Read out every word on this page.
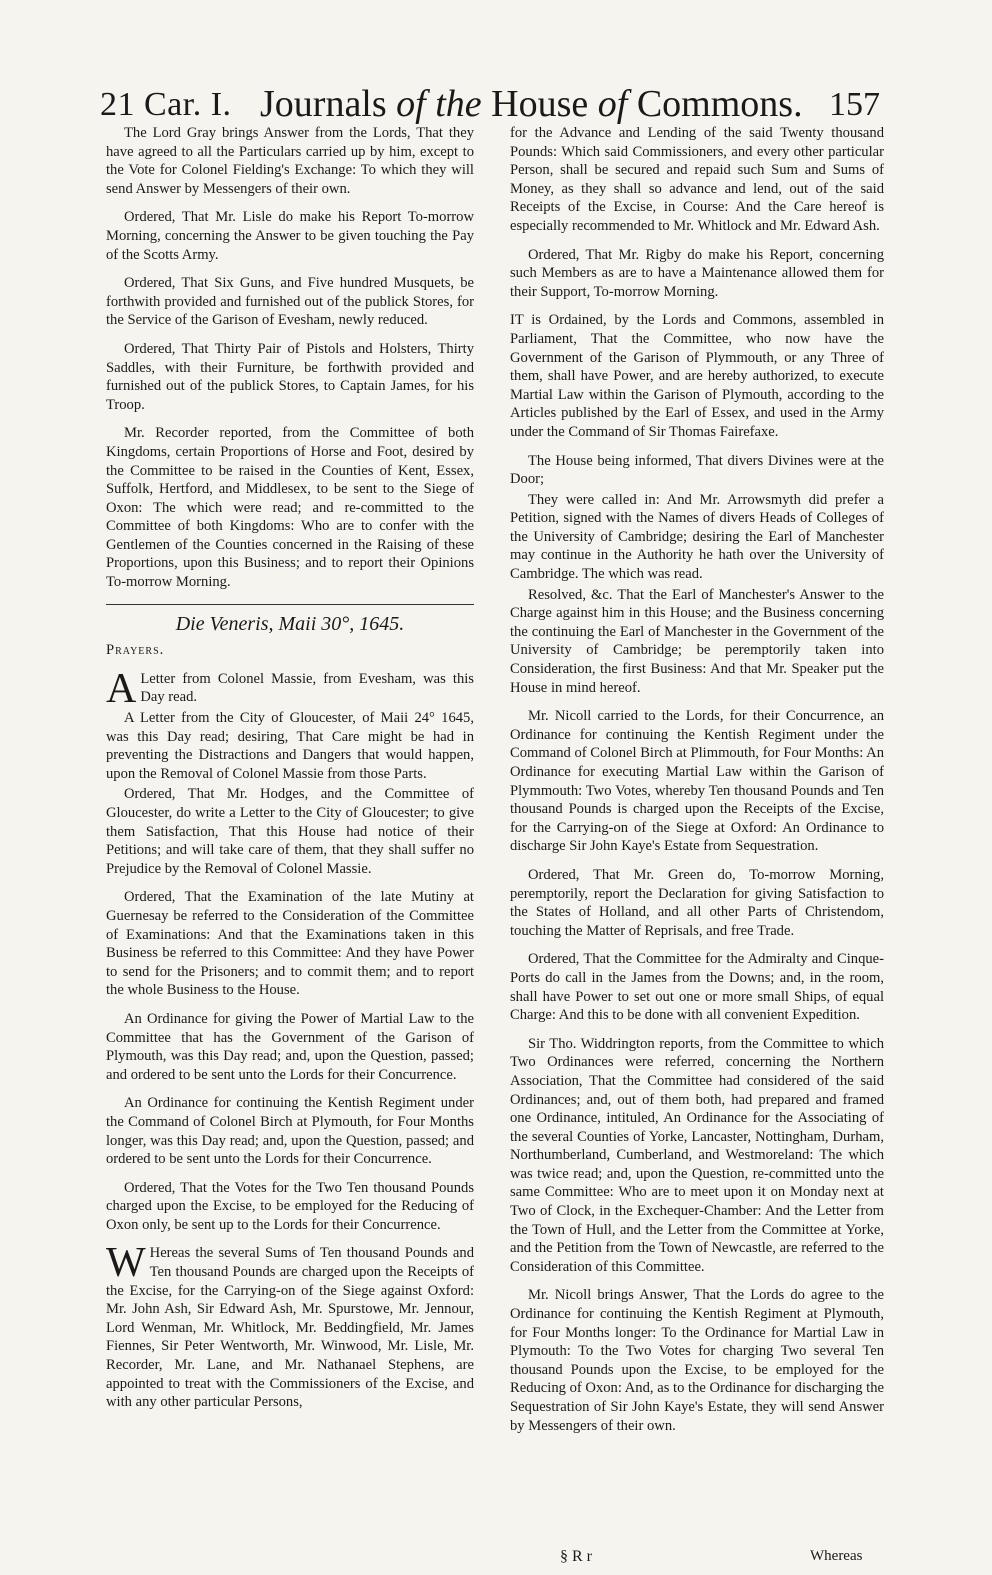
21 Car. I. Journals of the House of Commons. 157

The Lord Gray brings Answer from the Lords, That they have agreed to all the Particulars carried up by him, except to the Vote for Colonel Fielding's Exchange: To which they will send Answer by Messengers of their own.

Ordered, That Mr. Lisle do make his Report To-morrow Morning, concerning the Answer to be given touching the Pay of the Scotts Army.

Ordered, That Six Guns, and Five hundred Musquets, be forthwith provided and furnished out of the publick Stores, for the Service of the Garison of Evesham, newly reduced.

Ordered, That Thirty Pair of Pistols and Holsters, Thirty Saddles, with their Furniture, be forthwith provided and furnished out of the publick Stores, to Captain James, for his Troop.

Mr. Recorder reported, from the Committee of both Kingdoms, certain Proportions of Horse and Foot, desired by the Committee to be raised in the Counties of Kent, Essex, Suffolk, Hertford, and Middlesex, to be sent to the Siege of Oxon: The which were read; and re-committed to the Committee of both Kingdoms: Who are to confer with the Gentlemen of the Counties concerned in the Raising of these Proportions, upon this Business; and to report their Opinions To-morrow Morning.

Die Veneris, Maii 30°, 1645.

Prayers.

A Letter from Colonel Massie, from Evesham, was this Day read.

A Letter from the City of Gloucester, of Maii 24° 1645, was this Day read; desiring, That Care might be had in preventing the Distractions and Dangers that would happen, upon the Removal of Colonel Massie from those Parts.

Ordered, That Mr. Hodges, and the Committee of Gloucester, do write a Letter to the City of Gloucester; to give them Satisfaction, That this House had notice of their Petitions; and will take care of them, that they shall suffer no Prejudice by the Removal of Colonel Massie.

Ordered, That the Examination of the late Mutiny at Guernesay be referred to the Consideration of the Committee of Examinations: And that the Examinations taken in this Business be referred to this Committee: And they have Power to send for the Prisoners; and to commit them; and to report the whole Business to the House.

An Ordinance for giving the Power of Martial Law to the Committee that has the Government of the Garison of Plymouth, was this Day read; and, upon the Question, passed; and ordered to be sent unto the Lords for their Concurrence.

An Ordinance for continuing the Kentish Regiment under the Command of Colonel Birch at Plymouth, for Four Months longer, was this Day read; and, upon the Question, passed; and ordered to be sent unto the Lords for their Concurrence.

Ordered, That the Votes for the Two Ten thousand Pounds charged upon the Excise, to be employed for the Reducing of Oxon only, be sent up to the Lords for their Concurrence.

W Hereas the several Sums of Ten thousand Pounds and Ten thousand Pounds are charged upon the Receipts of the Excise, for the Carrying-on of the Siege against Oxford: Mr. John Ash, Sir Edward Ash, Mr. Spurstowe, Mr. Jennour, Lord Wenman, Mr. Whitlock, Mr. Beddingfield, Mr. James Fiennes, Sir Peter Wentworth, Mr. Winwood, Mr. Lisle, Mr. Recorder, Mr. Lane, and Mr. Nathanael Stephens, are appointed to treat with the Commissioners of the Excise, and with any other particular Persons,

for the Advance and Lending of the said Twenty thousand Pounds: Which said Commissioners, and every other particular Person, shall be secured and repaid such Sum and Sums of Money, as they shall so advance and lend, out of the said Receipts of the Excise, in Course: And the Care hereof is especially recommended to Mr. Whitlock and Mr. Edward Ash.

Ordered, That Mr. Rigby do make his Report, concerning such Members as are to have a Maintenance allowed them for their Support, To-morrow Morning.

IT is Ordained, by the Lords and Commons, assembled in Parliament, That the Committee, who now have the Government of the Garison of Plymmouth, or any Three of them, shall have Power, and are hereby authorized, to execute Martial Law within the Garison of Plymouth, according to the Articles published by the Earl of Essex, and used in the Army under the Command of Sir Thomas Fairefaxe.

The House being informed, That divers Divines were at the Door;

They were called in: And Mr. Arrowsmyth did prefer a Petition, signed with the Names of divers Heads of Colleges of the University of Cambridge; desiring the Earl of Manchester may continue in the Authority he hath over the University of Cambridge. The which was read.

Resolved, &c. That the Earl of Manchester's Answer to the Charge against him in this House; and the Business concerning the continuing the Earl of Manchester in the Government of the University of Cambridge; be peremptorily taken into Consideration, the first Business: And that Mr. Speaker put the House in mind hereof.

Mr. Nicoll carried to the Lords, for their Concurrence, an Ordinance for continuing the Kentish Regiment under the Command of Colonel Birch at Plimmouth, for Four Months: An Ordinance for executing Martial Law within the Garison of Plymmouth: Two Votes, whereby Ten thousand Pounds and Ten thousand Pounds is charged upon the Receipts of the Excise, for the Carrying-on of the Siege at Oxford: An Ordinance to discharge Sir John Kaye's Estate from Sequestration.

Ordered, That Mr. Green do, To-morrow Morning, peremptorily, report the Declaration for giving Satisfaction to the States of Holland, and all other Parts of Christendom, touching the Matter of Reprisals, and free Trade.

Ordered, That the Committee for the Admiralty and Cinque-Ports do call in the James from the Downs; and, in the room, shall have Power to set out one or more small Ships, of equal Charge: And this to be done with all convenient Expedition.

Sir Tho. Widdrington reports, from the Committee to which Two Ordinances were referred, concerning the Northern Association, That the Committee had considered of the said Ordinances; and, out of them both, had prepared and framed one Ordinance, intituled, An Ordinance for the Associating of the several Counties of Yorke, Lancaster, Nottingham, Durham, Northumberland, Cumberland, and Westmoreland: The which was twice read; and, upon the Question, re-committed unto the same Committee: Who are to meet upon it on Monday next at Two of Clock, in the Exchequer-Chamber: And the Letter from the Town of Hull, and the Letter from the Committee at Yorke, and the Petition from the Town of Newcastle, are referred to the Consideration of this Committee.

Mr. Nicoll brings Answer, That the Lords do agree to the Ordinance for continuing the Kentish Regiment at Plymouth, for Four Months longer: To the Ordinance for Martial Law in Plymouth: To the Two Votes for charging Two several Ten thousand Pounds upon the Excise, to be employed for the Reducing of Oxon: And, as to the Ordinance for discharging the Sequestration of Sir John Kaye's Estate, they will send Answer by Messengers of their own.

§ R r	Whereas
